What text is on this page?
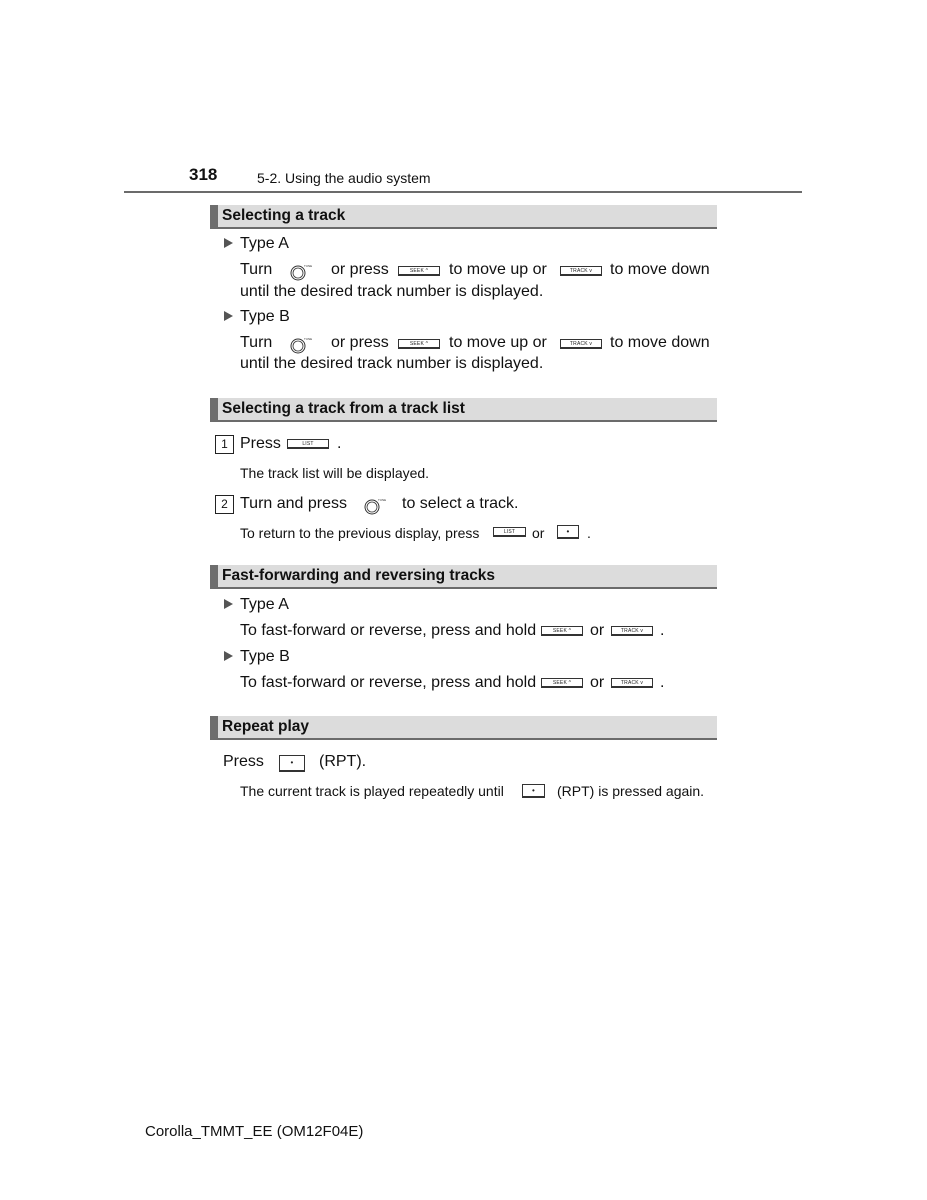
318	5-2. Using the audio system
Selecting a track
Type A
Turn	TUNE or press	SEEK ^	to move up or	TRACK v	to move down
until the desired track number is displayed.
Type B
Turn	TUNE or press	SEEK ^	to move up or	TRACK v	to move down
until the desired track number is displayed.
Selecting a track from a track list
1 Press	LIST	.
The track list will be displayed.
2 Turn and press	TUNE to select a track.
To return to the previous display, press	LIST	or	•	.
Fast-forwarding and reversing tracks
Type A
To fast-forward or reverse, press and hold	SEEK ^	or	TRACK v	.
Type B
To fast-forward or reverse, press and hold	SEEK ^	or	TRACK v	.
Repeat play
Press	•	(RPT).
The current track is played repeatedly until	•	(RPT) is pressed again.
Corolla_TMMT_EE (OM12F04E)
